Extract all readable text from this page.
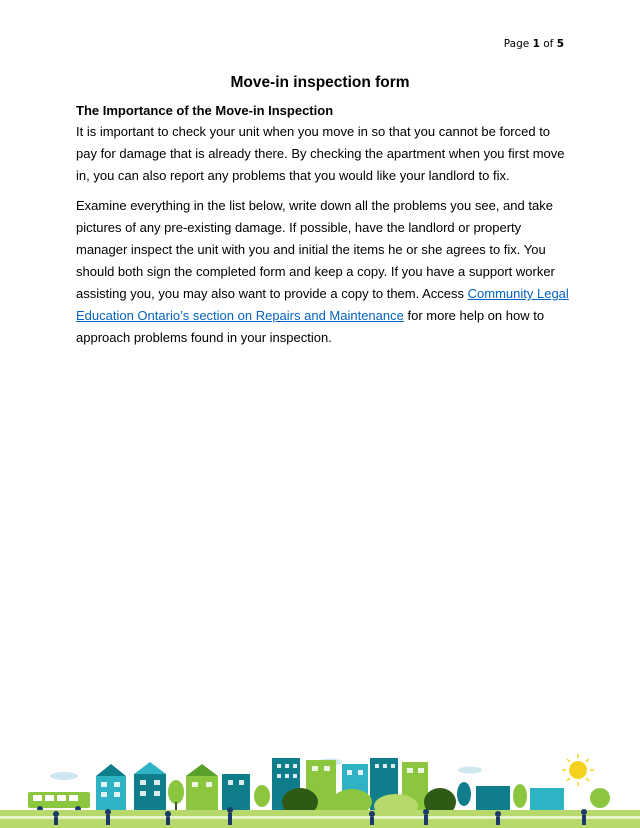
Page 1 of 5
Move-in inspection form
The Importance of the Move-in Inspection

It is important to check your unit when you move in so that you cannot be forced to pay for damage that is already there. By checking the apartment when you first move in, you can also report any problems that you would like your landlord to fix.

Examine everything in the list below, write down all the problems you see, and take pictures of any pre-existing damage. If possible, have the landlord or property manager inspect the unit with you and initial the items he or she agrees to fix. You should both sign the completed form and keep a copy. If you have a support worker assisting you, you may also want to provide a copy to them. Access Community Legal Education Ontario’s section on Repairs and Maintenance for more help on how to approach problems found in your inspection.
